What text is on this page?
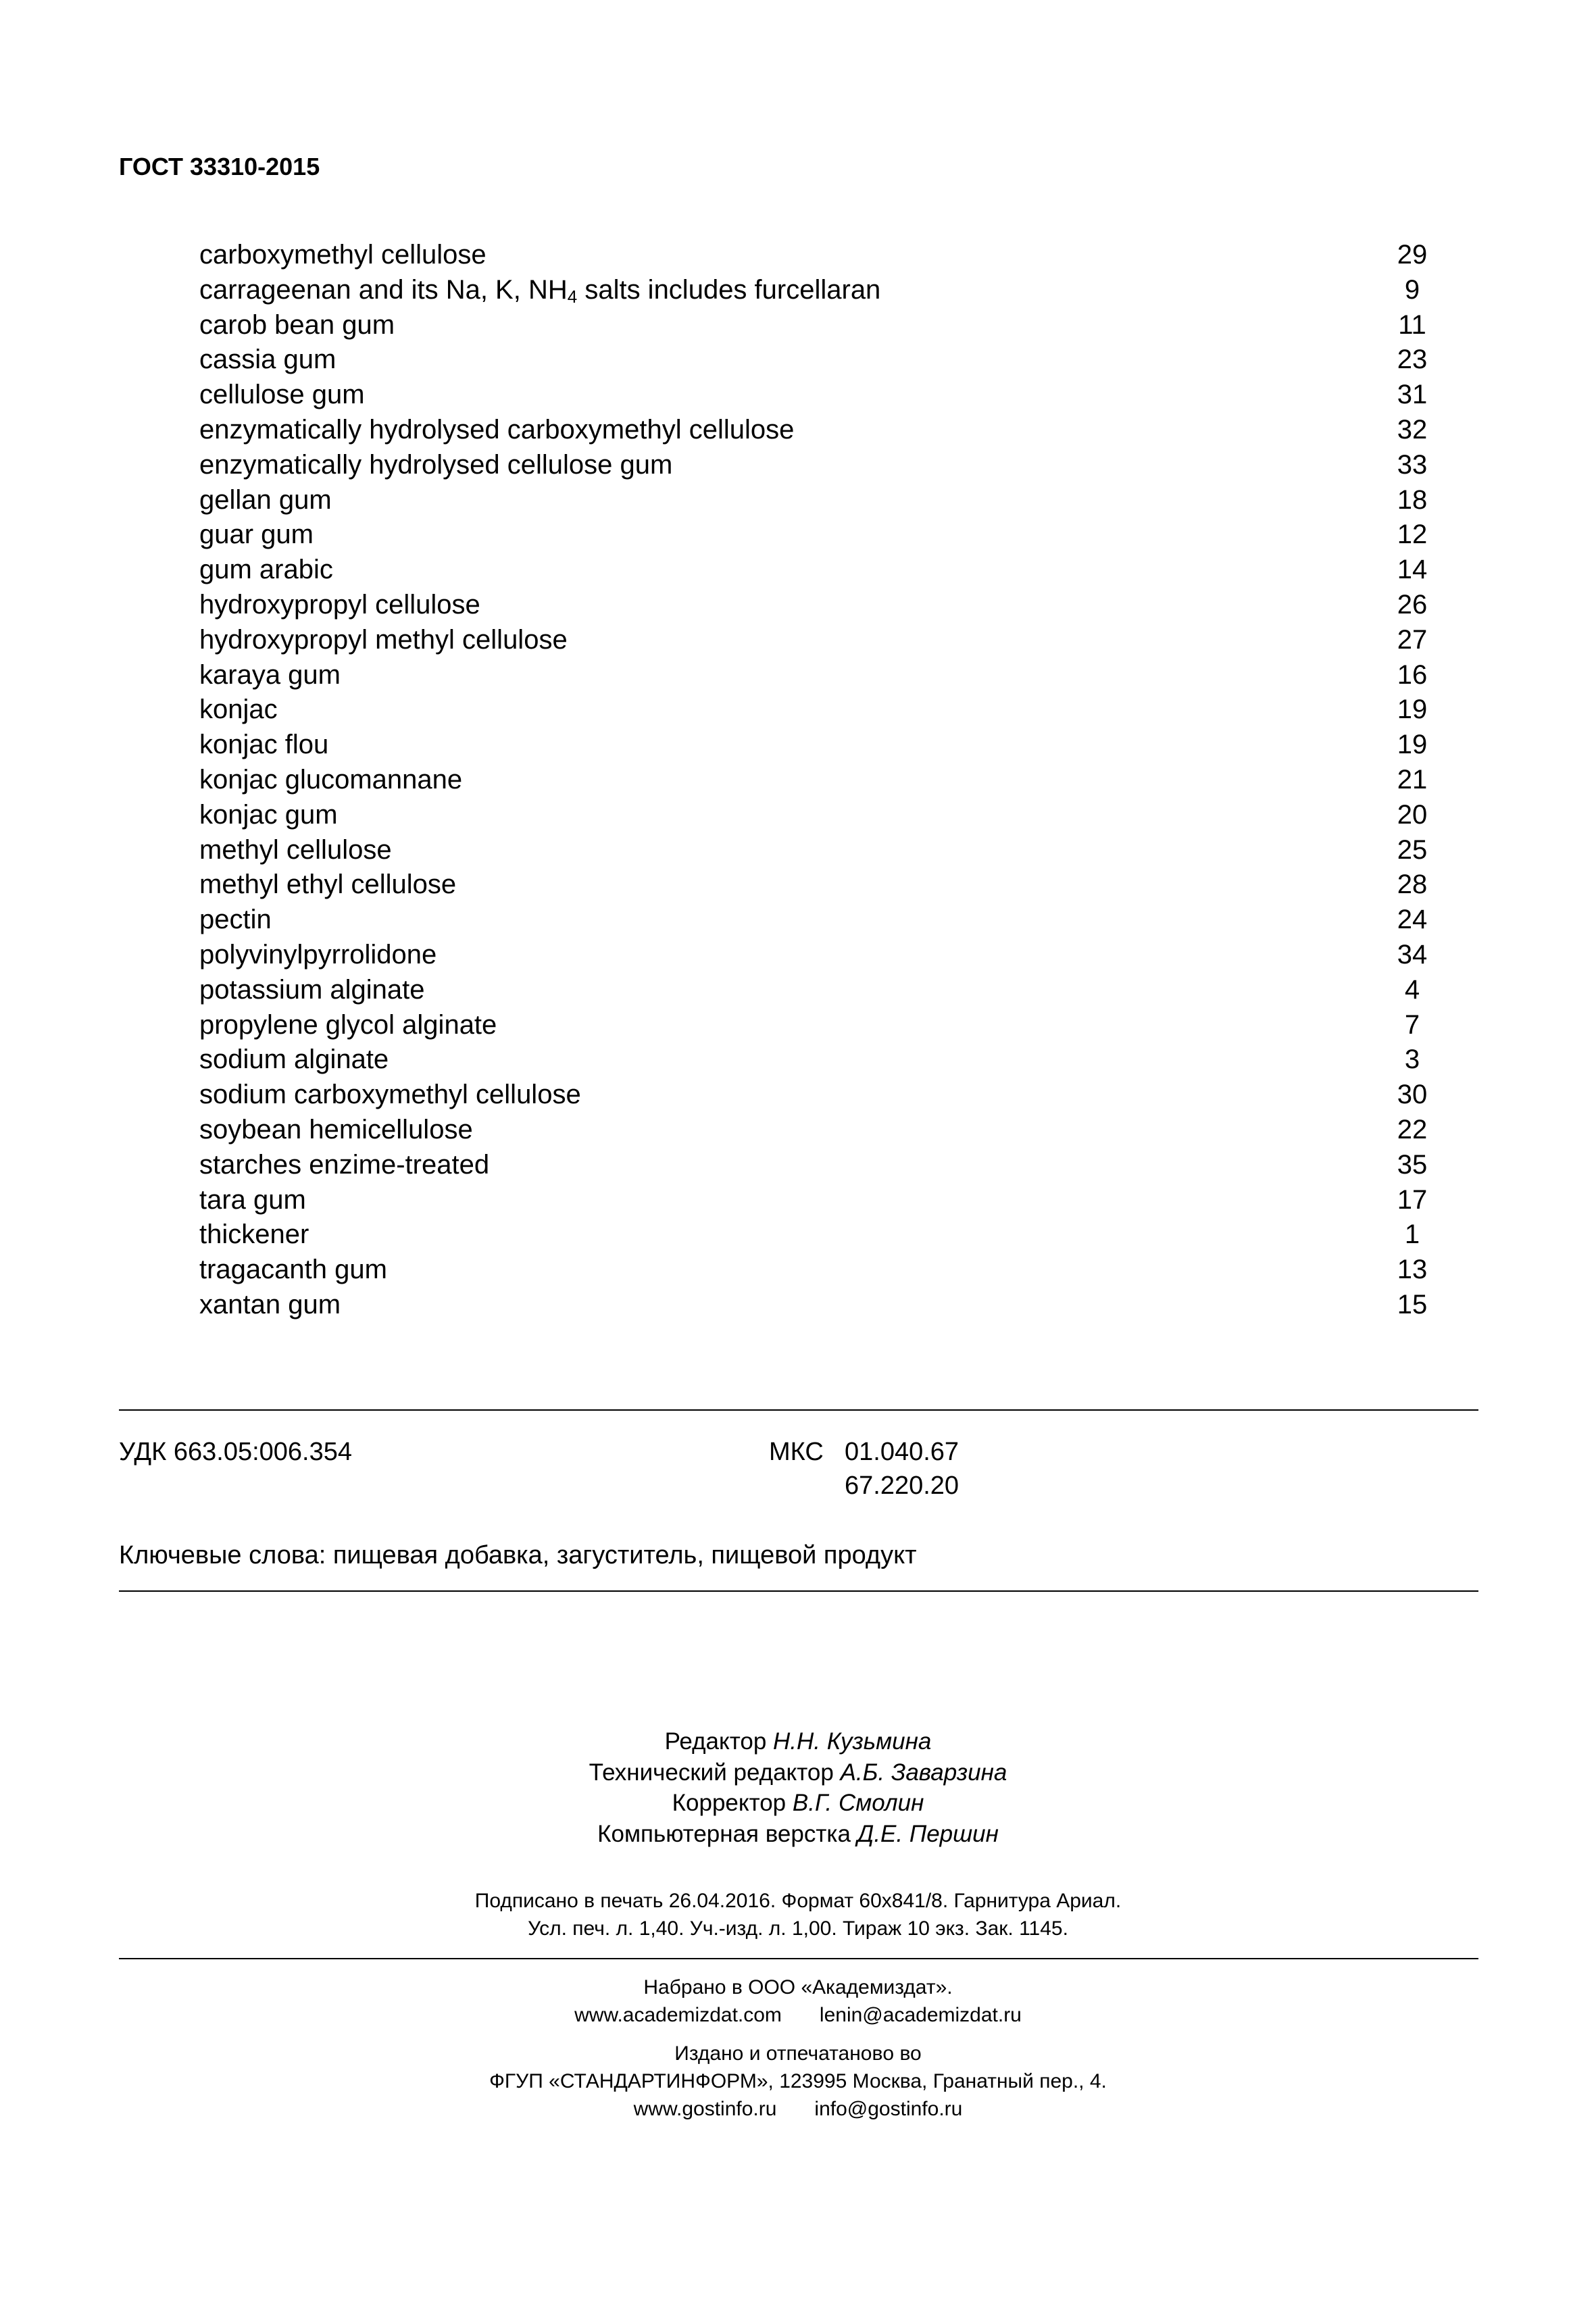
ГОСТ 33310-2015
carboxymethyl cellulose	29
carrageenan and its Na, K, $NH_4$ salts includes furcellaran	9
carob bean gum	11
cassia gum	23
cellulose gum	31
enzymatically hydrolysed carboxymethyl cellulose	32
enzymatically hydrolysed cellulose gum	33
gellan gum	18
guar gum	12
gum arabic	14
hydroxypropyl cellulose	26
hydroxypropyl methyl cellulose	27
karaya gum	16
konjac	19
konjac flou	19
konjac glucomannane	21
konjac gum	20
methyl cellulose	25
methyl ethyl cellulose	28
pectin	24
polyvinylpyrrolidone	34
potassium alginate	4
propylene glycol alginate	7
sodium alginate	3
sodium carboxymethyl cellulose	30
soybean hemicellulose	22
starches enzime-treated	35
tara gum	17
thickener	1
tragacanth gum	13
xantan gum	15
УДК 663.05:006.354	МКС 01.040.67
67.220.20
Ключевые слова: пищевая добавка, загуститель, пищевой продукт
Редактор Н.Н. Кузьмина
Технический редактор А.Б. Заварзина
Корректор В.Г. Смолин
Компьютерная верстка Д.Е. Першин
Подписано в печать 26.04.2016. Формат 60x841/8. Гарнитура Ариал.
Усл. печ. л. 1,40. Уч.-изд. л. 1,00. Тираж 10 экз. Зак. 1145.
Набрано в ООО «Академиздат».
www.academizdat.com lenin@academizdat.ru
Издано и отпечатановo во
ФГУП «СТАНДАРТИНФОРМ», 123995 Москва, Гранатный пер., 4.
www.gostinfo.ru info@gostinfo.ru
